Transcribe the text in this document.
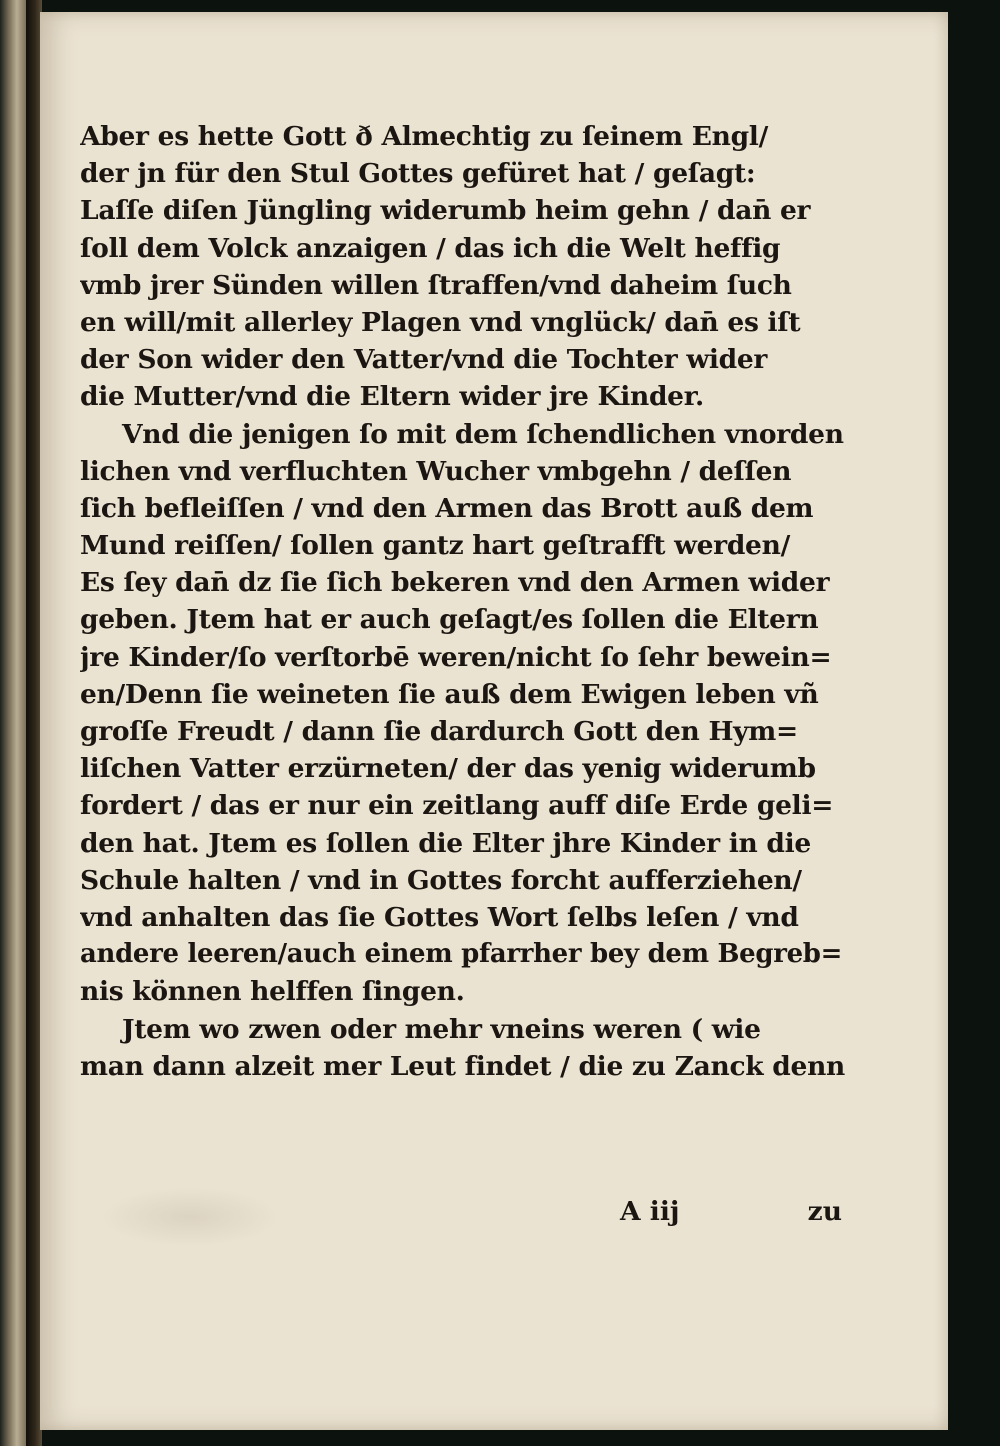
Aber es hette Gott ð Almechtig zu ſeinem Engl/
der jn für den Stul Gottes gefüret hat / geſagt:
Laſſe diſen Jüngling widerumb heim gehn / dan̄ er
ſoll dem Volck anzaigen / das ich die Welt heffig
vmb jrer Sünden willen ſtraffen/vnd daheim ſuch
en will/mit allerley Plagen vnd vnglück/ dan̄ es iſt
der Son wider den Vatter/vnd die Tochter wider
die Mutter/vnd die Eltern wider jre Kinder.
Vnd die jenigen ſo mit dem ſchendlichen vnorden
lichen vnd verfluchten Wucher vmbgehn / deſſen
ſich befleiſſen / vnd den Armen das Brott auß dem
Mund reiſſen/ ſollen gantz hart geſtrafft werden/
Es ſey dan̄ dz ſie ſich bekeren vnd den Armen wider
geben. Jtem hat er auch geſagt/es ſollen die Eltern
jre Kinder/ſo verſtorbē weren/nicht ſo ſehr bewein=
en/Denn ſie weineten ſie auß dem Ewigen leben vñ
groſſe Freudt / dann ſie dardurch Gott den Hym=
liſchen Vatter erzürneten/ der das yenig widerumb
fordert / das er nur ein zeitlang auff diſe Erde geli=
den hat. Jtem es ſollen die Elter jhre Kinder in die
Schule halten / vnd in Gottes forcht aufferziehen/
vnd anhalten das ſie Gottes Wort ſelbs leſen / vnd
andere leeren/auch einem pfarrher bey dem Begreb=
nis können helffen ſingen.
Jtem wo zwen oder mehr vneins weren ( wie
man dann alzeit mer Leut findet / die zu Zanck denn
A iij	zu
